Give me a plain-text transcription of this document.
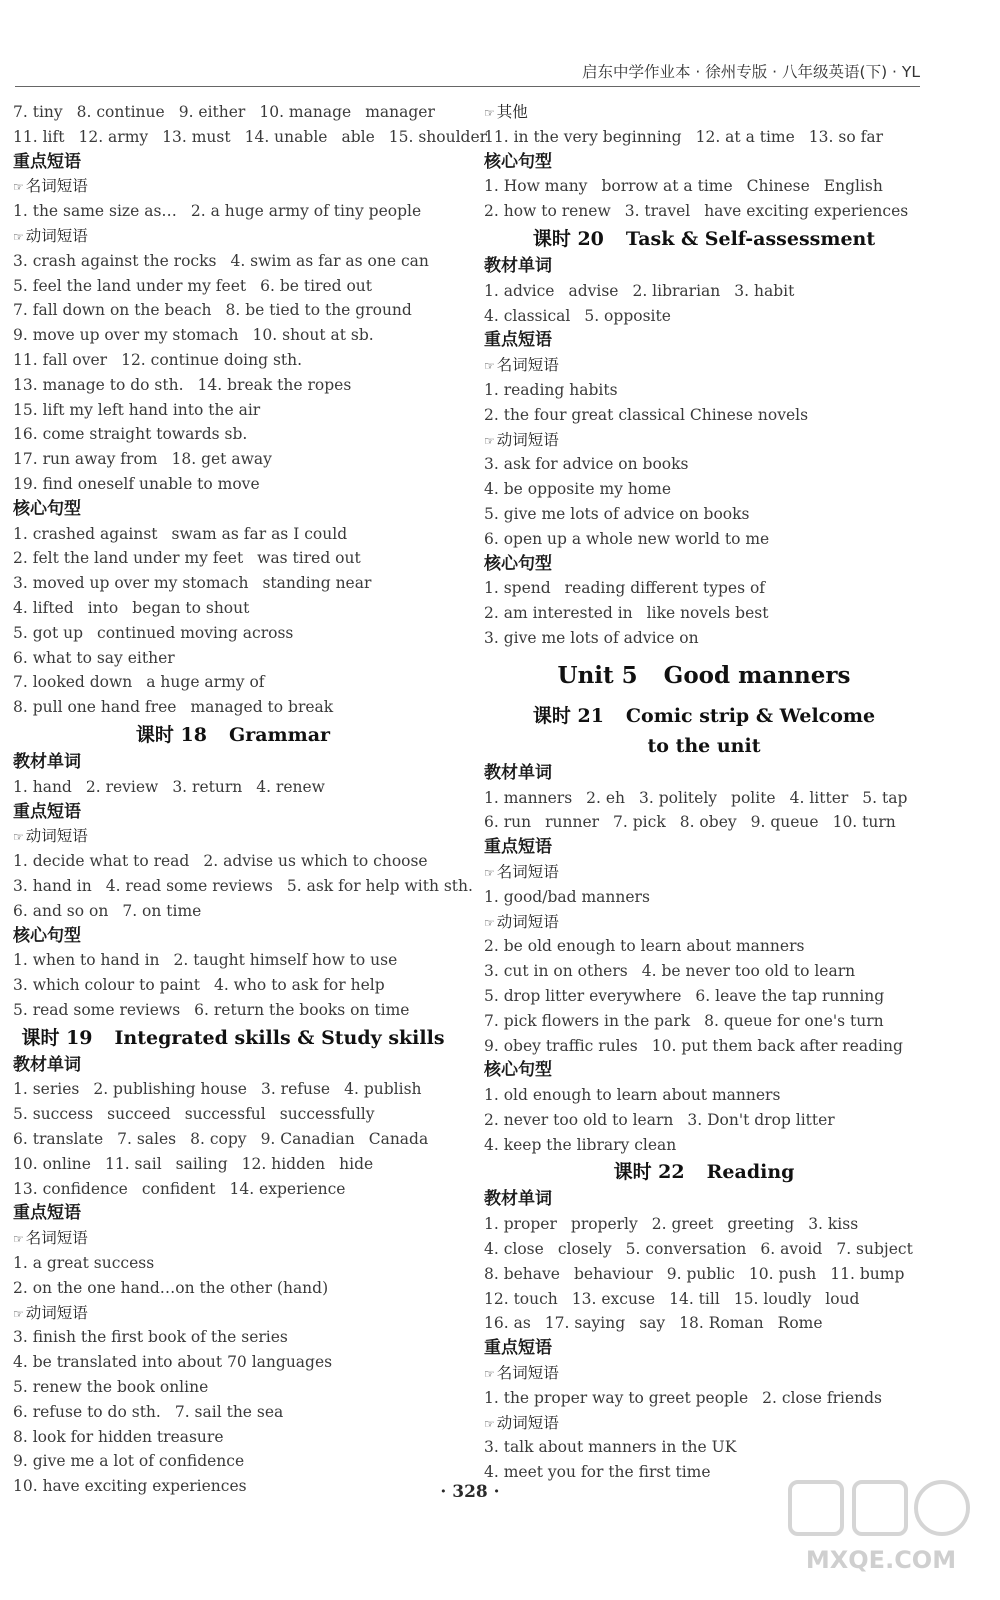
启东中学作业本 · 徐州专版 · 八年级英语(下) · YL
7. tiny 8. continue 9. either 10. manage manager
11. lift 12. army 13. must 14. unable able 15. shoulder
重点短语
☞ 名词短语
1. the same size as… 2. a huge army of tiny people
☞ 动词短语
3. crash against the rocks 4. swim as far as one can
5. feel the land under my feet 6. be tired out
7. fall down on the beach 8. be tied to the ground
9. move up over my stomach 10. shout at sb.
11. fall over 12. continue doing sth.
13. manage to do sth. 14. break the ropes
15. lift my left hand into the air
16. come straight towards sb.
17. run away from 18. get away
19. find oneself unable to move
核心句型
1. crashed against swam as far as I could
2. felt the land under my feet was tired out
3. moved up over my stomach standing near
4. lifted into began to shout
5. got up continued moving across
6. what to say either
7. looked down a huge army of
8. pull one hand free managed to break
课时 18 Grammar
教材单词
1. hand 2. review 3. return 4. renew
重点短语
☞ 动词短语
1. decide what to read 2. advise us which to choose
3. hand in 4. read some reviews 5. ask for help with sth.
6. and so on 7. on time
核心句型
1. when to hand in 2. taught himself how to use
3. which colour to paint 4. who to ask for help
5. read some reviews 6. return the books on time
课时 19 Integrated skills & Study skills
教材单词
1. series 2. publishing house 3. refuse 4. publish
5. success succeed successful successfully
6. translate 7. sales 8. copy 9. Canadian Canada
10. online 11. sail sailing 12. hidden hide
13. confidence confident 14. experience
重点短语
☞ 名词短语
1. a great success
2. on the one hand…on the other (hand)
☞ 动词短语
3. finish the first book of the series
4. be translated into about 70 languages
5. renew the book online
6. refuse to do sth. 7. sail the sea
8. look for hidden treasure
9. give me a lot of confidence
10. have exciting experiences
☞ 其他
11. in the very beginning 12. at a time 13. so far
核心句型
1. How many borrow at a time Chinese English
2. how to renew 3. travel have exciting experiences
课时 20 Task & Self-assessment
教材单词
1. advice advise 2. librarian 3. habit
4. classical 5. opposite
重点短语
☞ 名词短语
1. reading habits
2. the four great classical Chinese novels
☞ 动词短语
3. ask for advice on books
4. be opposite my home
5. give me lots of advice on books
6. open up a whole new world to me
核心句型
1. spend reading different types of
2. am interested in like novels best
3. give me lots of advice on
Unit 5 Good manners
课时 21 Comic strip & Welcome
to the unit
教材单词
1. manners 2. eh 3. politely polite 4. litter 5. tap
6. run runner 7. pick 8. obey 9. queue 10. turn
重点短语
☞ 名词短语
1. good/bad manners
☞ 动词短语
2. be old enough to learn about manners
3. cut in on others 4. be never too old to learn
5. drop litter everywhere 6. leave the tap running
7. pick flowers in the park 8. queue for one's turn
9. obey traffic rules 10. put them back after reading
核心句型
1. old enough to learn about manners
2. never too old to learn 3. Don't drop litter
4. keep the library clean
课时 22 Reading
教材单词
1. proper properly 2. greet greeting 3. kiss
4. close closely 5. conversation 6. avoid 7. subject
8. behave behaviour 9. public 10. push 11. bump
12. touch 13. excuse 14. till 15. loudly loud
16. as 17. saying say 18. Roman Rome
重点短语
☞ 名词短语
1. the proper way to greet people 2. close friends
☞ 动词短语
3. talk about manners in the UK
4. meet you for the first time
· 328 ·
MXQE.COM
